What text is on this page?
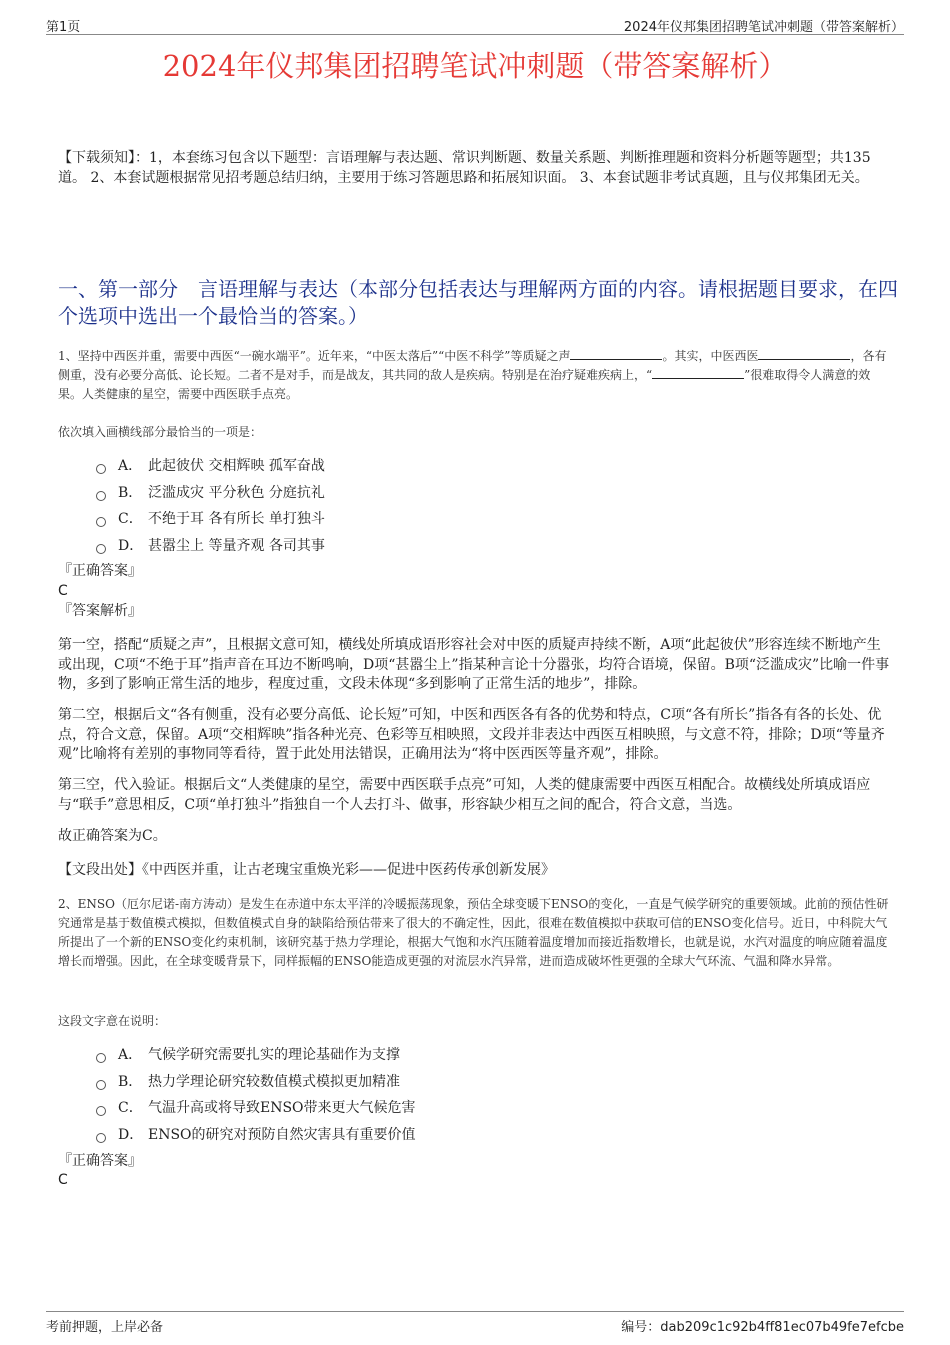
第1页	2024年仪邦集团招聘笔试冲刺题（带答案解析）
2024年仪邦集团招聘笔试冲刺题（带答案解析）
【下载须知】：1，本套练习包含以下题型：言语理解与表达题、常识判断题、数量关系题、判断推理题和资料分析题等题型；共135道。 2、本套试题根据常见招考题总结归纳，主要用于练习答题思路和拓展知识面。 3、本套试题非考试真题，且与仪邦集团无关。
一、第一部分　言语理解与表达（本部分包括表达与理解两方面的内容。请根据题目要求，在四个选项中选出一个最恰当的答案。）
1、坚持中西医并重，需要中西医“一碗水端平”。近年来，“中医太落后”“中医不科学”等质疑之声	。其实，中医西医	，各有侧重，没有必要分高低、论长短。二者不是对手，而是战友，其共同的敌人是疾病。特别是在治疗疑难疾病上，“	”很难取得令人满意的效果。人类健康的星空，需要中西医联手点亮。
依次填入画横线部分最恰当的一项是：
A． 此起彼伏 交相辉映 孤军奋战
B． 泛滥成灾 平分秋色 分庭抗礼
C． 不绝于耳 各有所长 单打独斗
D． 甚嚣尘上 等量齐观 各司其事
『正确答案』
C
『答案解析』
第一空，搭配“质疑之声”，且根据文意可知，横线处所填成语形容社会对中医的质疑声持续不断，A项“此起彼伏”形容连续不断地产生或出现，C项“不绝于耳”指声音在耳边不断鸣响，D项“甚嚣尘上”指某种言论十分嚣张，均符合语境，保留。B项“泛滥成灾”比喻一件事物，多到了影响正常生活的地步，程度过重，文段未体现“多到影响了正常生活的地步”，排除。
第二空，根据后文“各有侧重，没有必要分高低、论长短”可知，中医和西医各有各的优势和特点，C项“各有所长”指各有各的长处、优点，符合文意，保留。A项“交相辉映”指各种光亮、色彩等互相映照，文段并非表达中西医互相映照，与文意不符，排除；D项“等量齐观”比喻将有差别的事物同等看待，置于此处用法错误，正确用法为“将中医西医等量齐观”，排除。
第三空，代入验证。根据后文“人类健康的星空，需要中西医联手点亮”可知，人类的健康需要中西医互相配合。故横线处所填成语应与“联手”意思相反，C项“单打独斗”指独自一个人去打斗、做事，形容缺少相互之间的配合，符合文意，当选。
故正确答案为C。
【文段出处】《中西医并重，让古老瑰宝重焕光彩——促进中医药传承创新发展》
2、ENSO（厄尔尼诺-南方涛动）是发生在赤道中东太平洋的冷暖振荡现象，预估全球变暖下ENSO的变化，一直是气候学研究的重要领域。此前的预估性研究通常是基于数值模式模拟，但数值模式自身的缺陷给预估带来了很大的不确定性，因此，很难在数值模拟中获取可信的ENSO变化信号。近日，中科院大气所提出了一个新的ENSO变化约束机制，该研究基于热力学理论，根据大气饱和水汽压随着温度增加而接近指数增长，也就是说，水汽对温度的响应随着温度增长而增强。因此，在全球变暖背景下，同样振幅的ENSO能造成更强的对流层水汽异常，进而造成破坏性更强的全球大气环流、气温和降水异常。
这段文字意在说明：
A． 气候学研究需要扎实的理论基础作为支撑
B． 热力学理论研究较数值模式模拟更加精准
C． 气温升高或将导致ENSO带来更大气候危害
D． ENSO的研究对预防自然灾害具有重要价值
『正确答案』
C
考前押题，上岸必备	编号：dab209c1c92b4ff81ec07b49fe7efcbe
